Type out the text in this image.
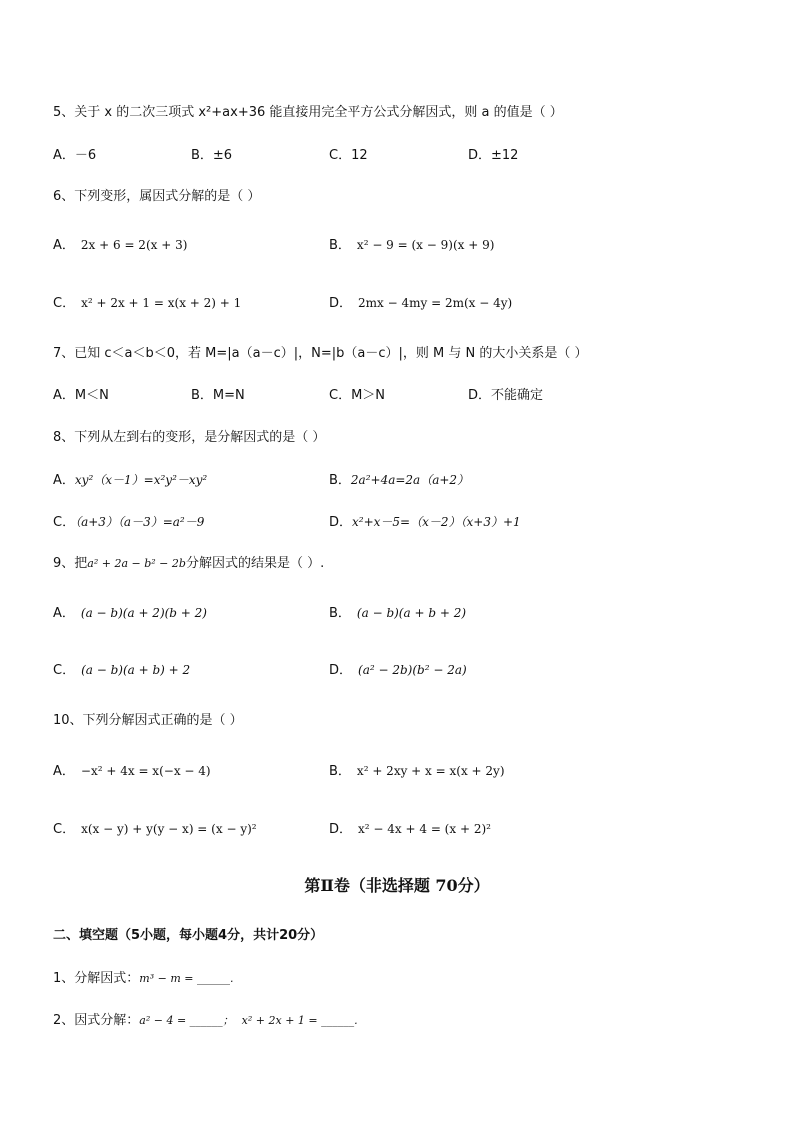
5、关于 x 的二次三项式 x²+ax+36 能直接用完全平方公式分解因式，则 a 的值是（ ）
A．－6	B．±6	C．12	D．±12
6、下列变形，属因式分解的是（ ）
A． 2x + 6 = 2(x + 3)	B． x² − 9 = (x − 9)(x + 9)
C． x² + 2x + 1 = x(x + 2) + 1	D． 2mx − 4my = 2m(x − 4y)
7、已知 c＜a＜b＜0，若 M=|a（a－c）|，N=|b（a－c）|，则 M 与 N 的大小关系是（ ）
A．M＜N	B．M=N	C．M＞N	D．不能确定
8、下列从左到右的变形，是分解因式的是（ ）
A．xy²（x－1）=x²y²－xy²	B．2a²+4a=2a（a+2）
C．（a+3）（a－3）=a²－9	D．x²+x－5=（x－2）（x+3）+1
9、把a² + 2a − b² − 2b分解因式的结果是（ ）.
A． (a − b)(a + 2)(b + 2)	B． (a − b)(a + b + 2)
C． (a − b)(a + b) + 2	D． (a² − 2b)(b² − 2a)
10、下列分解因式正确的是（ ）
A． −x² + 4x = x(−x − 4)	B． x² + 2xy + x = x(x + 2y)
C． x(x − y) + y(y − x) = (x − y)²	D． x² − 4x + 4 = (x + 2)²
第Ⅱ卷（非选择题 70分）
二、填空题（5小题，每小题4分，共计20分）
1、分解因式：m³ − m = ______.
2、因式分解：a² − 4 = ______； x² + 2x + 1 = ______.
